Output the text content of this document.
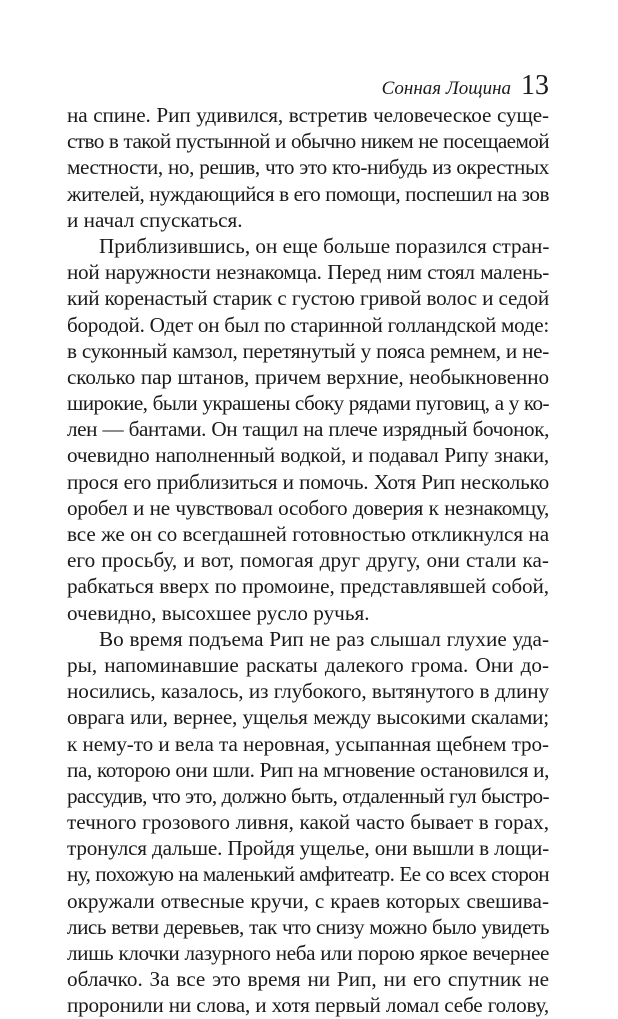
Сонная Лощина 13
на спине. Рип удивился, встретив человеческое суще-
ство в такой пустынной и обычно никем не посещаемой
местности, но, решив, что это кто-нибудь из окрестных
жителей, нуждающийся в его помощи, поспешил на зов
и начал спускаться.
Приблизившись, он еще больше поразился стран-
ной наружности незнакомца. Перед ним стоял малень-
кий коренастый старик с густою гривой волос и седой
бородой. Одет он был по старинной голландской моде:
в суконный камзол, перетянутый у пояса ремнем, и не-
сколько пар штанов, причем верхние, необыкновенно
широкие, были украшены сбоку рядами пуговиц, а у ко-
лен — бантами. Он тащил на плече изрядный бочонок,
очевидно наполненный водкой, и подавал Рипу знаки,
прося его приблизиться и помочь. Хотя Рип несколько
оробел и не чувствовал особого доверия к незнакомцу,
все же он со всегдашней готовностью откликнулся на
его просьбу, и вот, помогая друг другу, они стали ка-
рабкаться вверх по промоине, представлявшей собой,
очевидно, высохшее русло ручья.
Во время подъема Рип не раз слышал глухие уда-
ры, напоминавшие раскаты далекого грома. Они до-
носились, казалось, из глубокого, вытянутого в длину
оврага или, вернее, ущелья между высокими скалами;
к нему-то и вела та неровная, усыпанная щебнем тро-
па, которою они шли. Рип на мгновение остановился и,
рассудив, что это, должно быть, отдаленный гул быстро-
течного грозового ливня, какой часто бывает в горах,
тронулся дальше. Пройдя ущелье, они вышли в лощи-
ну, похожую на маленький амфитеатр. Ее со всех сторон
окружали отвесные кручи, с краев которых свешива-
лись ветви деревьев, так что снизу можно было увидеть
лишь клочки лазурного неба или порою яркое вечернее
облачко. За все это время ни Рип, ни его спутник не
проронили ни слова, и хотя первый ломал себе голову,
